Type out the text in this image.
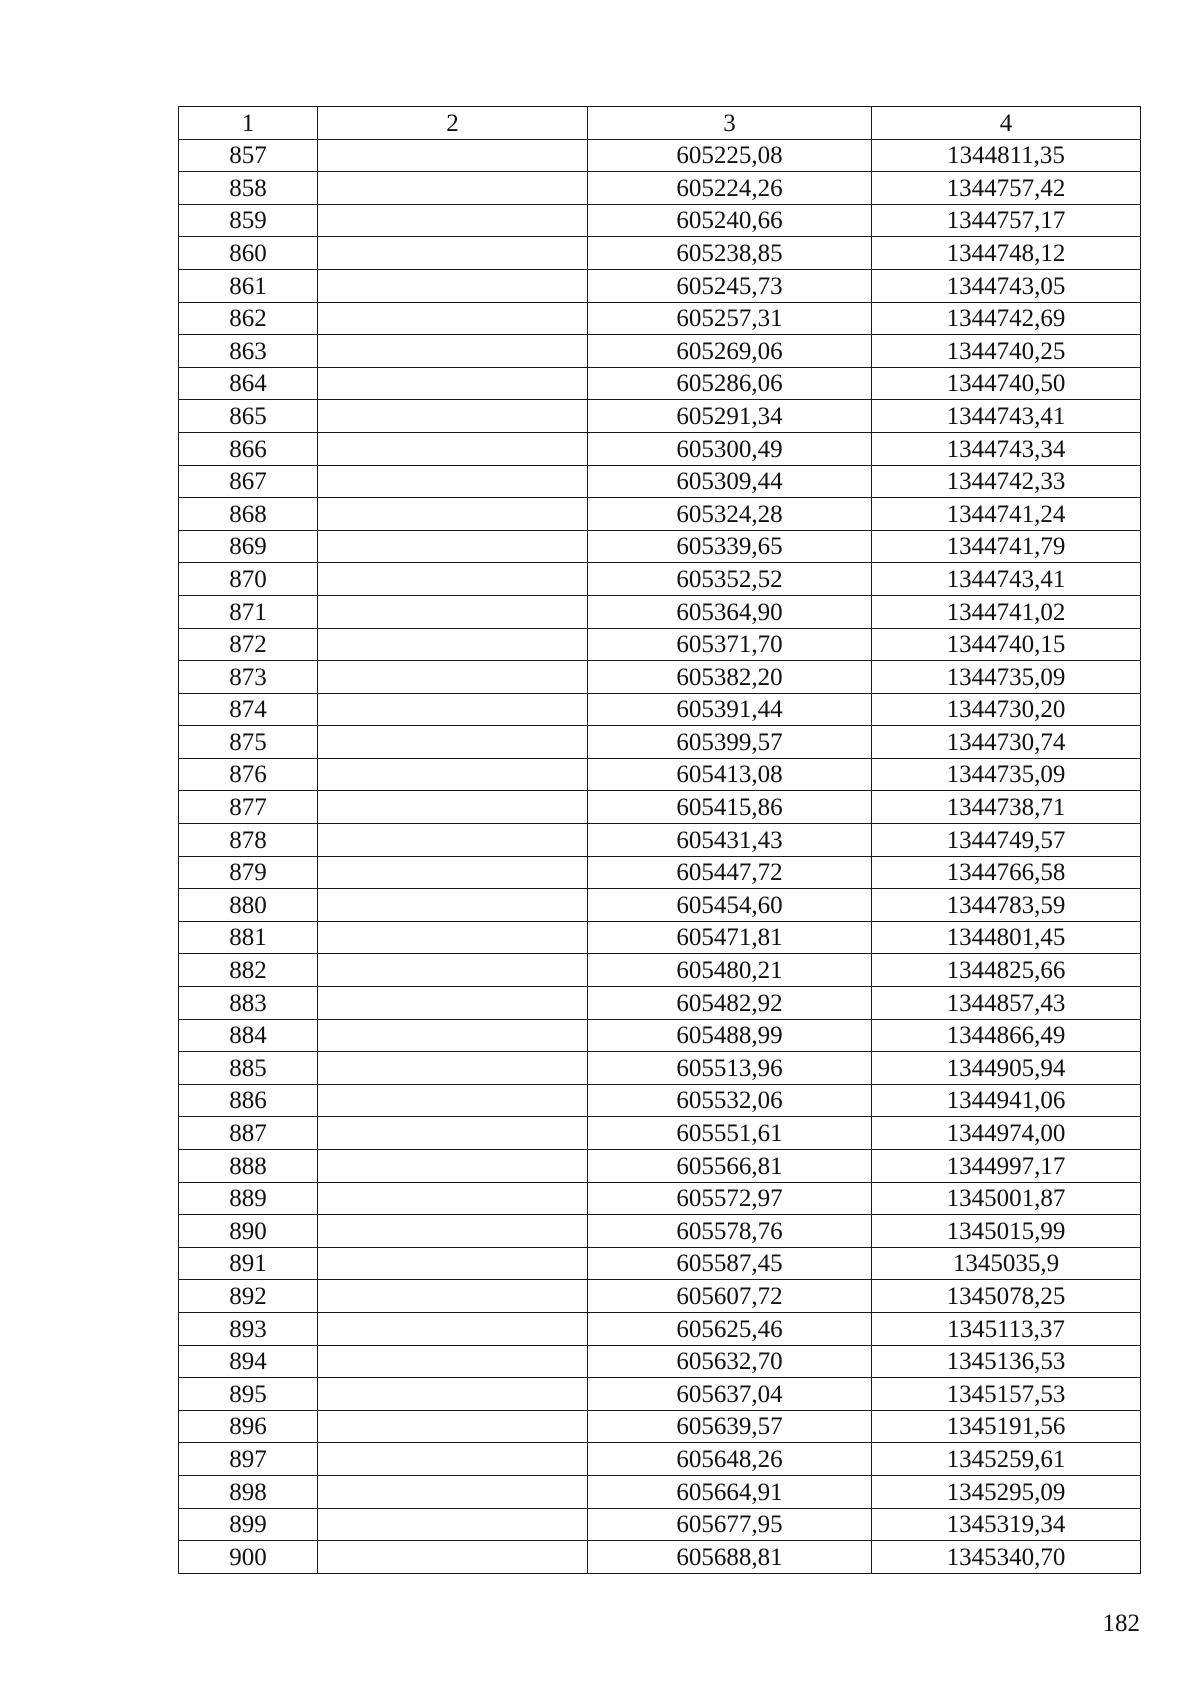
1	2	3	4
857		605225,08	1344811,35
858		605224,26	1344757,42
859		605240,66	1344757,17
860		605238,85	1344748,12
861		605245,73	1344743,05
862		605257,31	1344742,69
863		605269,06	1344740,25
864		605286,06	1344740,50
865		605291,34	1344743,41
866		605300,49	1344743,34
867		605309,44	1344742,33
868		605324,28	1344741,24
869		605339,65	1344741,79
870		605352,52	1344743,41
871		605364,90	1344741,02
872		605371,70	1344740,15
873		605382,20	1344735,09
874		605391,44	1344730,20
875		605399,57	1344730,74
876		605413,08	1344735,09
877		605415,86	1344738,71
878		605431,43	1344749,57
879		605447,72	1344766,58
880		605454,60	1344783,59
881		605471,81	1344801,45
882		605480,21	1344825,66
883		605482,92	1344857,43
884		605488,99	1344866,49
885		605513,96	1344905,94
886		605532,06	1344941,06
887		605551,61	1344974,00
888		605566,81	1344997,17
889		605572,97	1345001,87
890		605578,76	1345015,99
891		605587,45	1345035,9
892		605607,72	1345078,25
893		605625,46	1345113,37
894		605632,70	1345136,53
895		605637,04	1345157,53
896		605639,57	1345191,56
897		605648,26	1345259,61
898		605664,91	1345295,09
899		605677,95	1345319,34
900		605688,81	1345340,70
182
